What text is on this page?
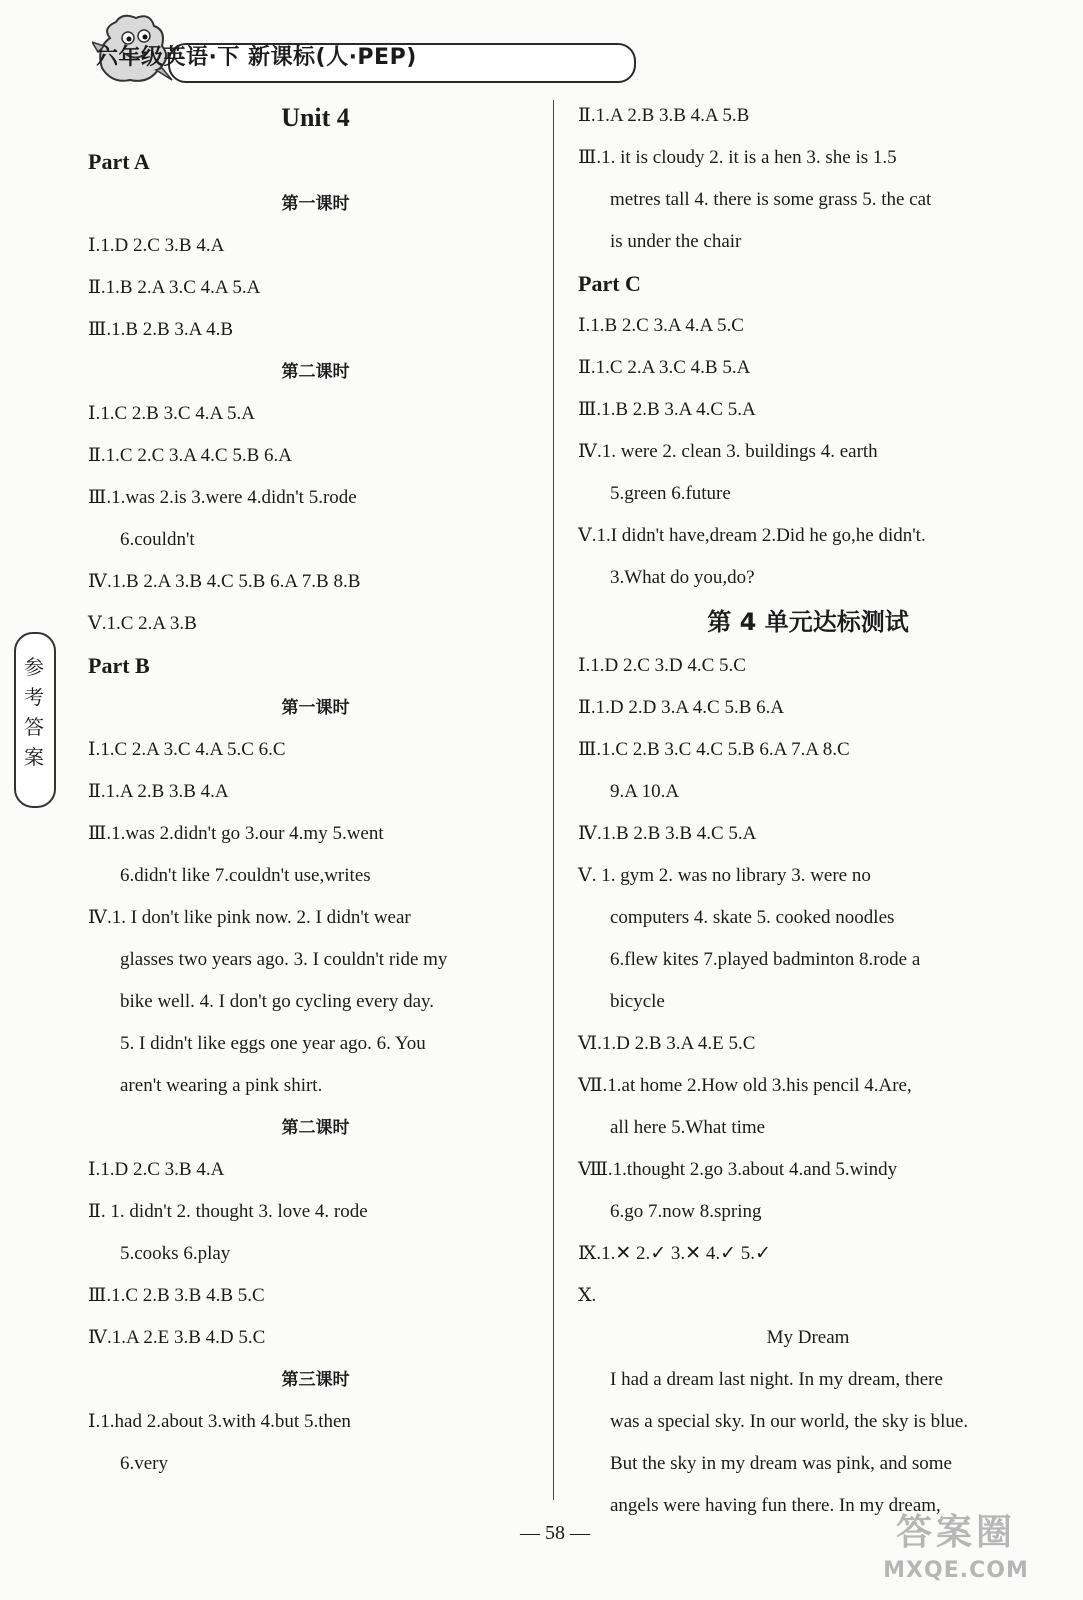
六年级英语·下 新课标(人·PEP)
参
考
答
案
Unit 4
Part A
第一课时
Ⅰ.1.D 2.C 3.B 4.A
Ⅱ.1.B 2.A 3.C 4.A 5.A
Ⅲ.1.B 2.B 3.A 4.B
第二课时
Ⅰ.1.C 2.B 3.C 4.A 5.A
Ⅱ.1.C 2.C 3.A 4.C 5.B 6.A
Ⅲ.1.was 2.is 3.were 4.didn't 5.rode
6.couldn't
Ⅳ.1.B 2.A 3.B 4.C 5.B 6.A 7.B 8.B
Ⅴ.1.C 2.A 3.B
Part B
第一课时
Ⅰ.1.C 2.A 3.C 4.A 5.C 6.C
Ⅱ.1.A 2.B 3.B 4.A
Ⅲ.1.was 2.didn't go 3.our 4.my 5.went
6.didn't like 7.couldn't use,writes
Ⅳ.1. I don't like pink now. 2. I didn't wear
glasses two years ago. 3. I couldn't ride my
bike well. 4. I don't go cycling every day.
5. I didn't like eggs one year ago. 6. You
aren't wearing a pink shirt.
第二课时
Ⅰ.1.D 2.C 3.B 4.A
Ⅱ. 1. didn't 2. thought 3. love 4. rode
5.cooks 6.play
Ⅲ.1.C 2.B 3.B 4.B 5.C
Ⅳ.1.A 2.E 3.B 4.D 5.C
第三课时
Ⅰ.1.had 2.about 3.with 4.but 5.then
6.very
Ⅱ.1.A 2.B 3.B 4.A 5.B
Ⅲ.1. it is cloudy 2. it is a hen 3. she is 1.5
metres tall 4. there is some grass 5. the cat
is under the chair
Part C
Ⅰ.1.B 2.C 3.A 4.A 5.C
Ⅱ.1.C 2.A 3.C 4.B 5.A
Ⅲ.1.B 2.B 3.A 4.C 5.A
Ⅳ.1. were 2. clean 3. buildings 4. earth
5.green 6.future
Ⅴ.1.I didn't have,dream 2.Did he go,he didn't.
3.What do you,do?
第 4 单元达标测试
Ⅰ.1.D 2.C 3.D 4.C 5.C
Ⅱ.1.D 2.D 3.A 4.C 5.B 6.A
Ⅲ.1.C 2.B 3.C 4.C 5.B 6.A 7.A 8.C
9.A 10.A
Ⅳ.1.B 2.B 3.B 4.C 5.A
Ⅴ. 1. gym 2. was no library 3. were no
computers 4. skate 5. cooked noodles
6.flew kites 7.played badminton 8.rode a
bicycle
Ⅵ.1.D 2.B 3.A 4.E 5.C
Ⅶ.1.at home 2.How old 3.his pencil 4.Are,
all here 5.What time
Ⅷ.1.thought 2.go 3.about 4.and 5.windy
6.go 7.now 8.spring
Ⅸ.1.✕ 2.✓ 3.✕ 4.✓ 5.✓
Ⅹ.
My Dream
I had a dream last night. In my dream, there
was a special sky. In our world, the sky is blue.
But the sky in my dream was pink, and some
angels were having fun there. In my dream,
— 58 —	答案圈
MXQE.COM
